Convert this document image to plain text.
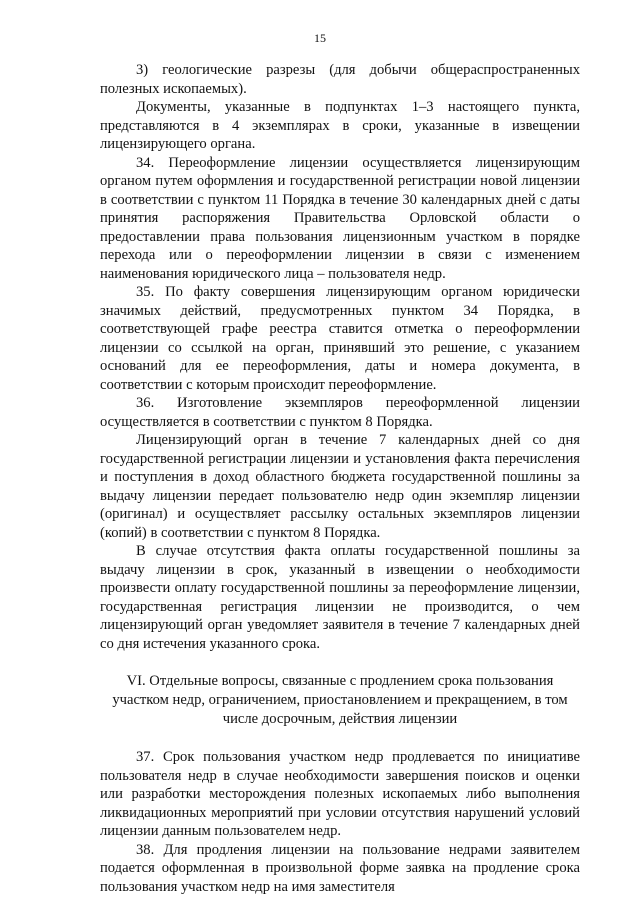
15

3) геологические разрезы (для добычи общераспространенных полезных ископаемых).

Документы, указанные в подпунктах 1–3 настоящего пункта, представляются в 4 экземплярах в сроки, указанные в извещении лицензирующего органа.

34. Переоформление лицензии осуществляется лицензирующим органом путем оформления и государственной регистрации новой лицензии в соответствии с пунктом 11 Порядка в течение 30 календарных дней с даты принятия распоряжения Правительства Орловской области о предоставлении права пользования лицензионным участком в порядке перехода или о переоформлении лицензии в связи с изменением наименования юридического лица – пользователя недр.

35. По факту совершения лицензирующим органом юридически значимых действий, предусмотренных пунктом 34 Порядка, в соответствующей графе реестра ставится отметка о переоформлении лицензии со ссылкой на орган, принявший это решение, с указанием оснований для ее переоформления, даты и номера документа, в соответствии с которым происходит переоформление.

36. Изготовление экземпляров переоформленной лицензии осуществляется в соответствии с пунктом 8 Порядка.

Лицензирующий орган в течение 7 календарных дней со дня государственной регистрации лицензии и установления факта перечисления и поступления в доход областного бюджета государственной пошлины за выдачу лицензии передает пользователю недр один экземпляр лицензии (оригинал) и осуществляет рассылку остальных экземпляров лицензии (копий) в соответствии с пунктом 8 Порядка.

В случае отсутствия факта оплаты государственной пошлины за выдачу лицензии в срок, указанный в извещении о необходимости произвести оплату государственной пошлины за переоформление лицензии, государственная регистрация лицензии не производится, о чем лицензирующий орган уведомляет заявителя в течение 7 календарных дней со дня истечения указанного срока.

VI. Отдельные вопросы, связанные с продлением срока пользования участком недр, ограничением, приостановлением и прекращением, в том числе досрочным, действия лицензии

37. Срок пользования участком недр продлевается по инициативе пользователя недр в случае необходимости завершения поисков и оценки или разработки месторождения полезных ископаемых либо выполнения ликвидационных мероприятий при условии отсутствия нарушений условий лицензии данным пользователем недр.

38. Для продления лицензии на пользование недрами заявителем подается оформленная в произвольной форме заявка на продление срока пользования участком недр на имя заместителя
